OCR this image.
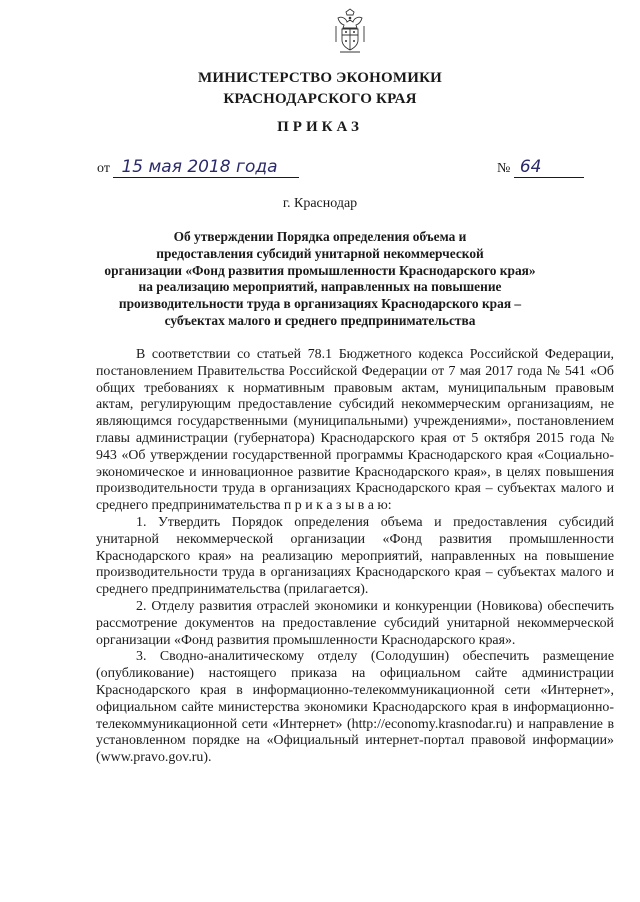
МИНИСТЕРСТВО ЭКОНОМИКИ
КРАСНОДАРСКОГО КРАЯ
ПРИКАЗ
от 15 мая 2018 года	№ 64
г. Краснодар
Об утверждении Порядка определения объема и
предоставления субсидий унитарной некоммерческой
организации «Фонд развития промышленности Краснодарского края»
на реализацию мероприятий, направленных на повышение
производительности труда в организациях Краснодарского края –
субъектах малого и среднего предпринимательства

В соответствии со статьей 78.1 Бюджетного кодекса Российской Федерации, постановлением Правительства Российской Федерации от 7 мая 2017 года № 541 «Об общих требованиях к нормативным правовым актам, муниципальным правовым актам, регулирующим предоставление субсидий некоммерческим организациям, не являющимся государственными (муниципальными) учреждениями», постановлением главы администрации (губернатора) Краснодарского края от 5 октября 2015 года № 943 «Об утверждении государственной программы Краснодарского края «Социально-экономическое и инновационное развитие Краснодарского края», в целях повышения производительности труда в организациях Краснодарского края – субъектах малого и среднего предпринимательства п р и к а з ы в а ю:

1. Утвердить Порядок определения объема и предоставления субсидий унитарной некоммерческой организации «Фонд развития промышленности Краснодарского края» на реализацию мероприятий, направленных на повышение производительности труда в организациях Краснодарского края – субъектах малого и среднего предпринимательства (прилагается).

2. Отделу развития отраслей экономики и конкуренции (Новикова) обеспечить рассмотрение документов на предоставление субсидий унитарной некоммерческой организации «Фонд развития промышленности Краснодарского края».

3. Сводно-аналитическому отделу (Солодушин) обеспечить размещение (опубликование) настоящего приказа на официальном сайте администрации Краснодарского края в информационно-телекоммуникационной сети «Интернет», официальном сайте министерства экономики Краснодарского края в информационно-телекоммуникационной сети «Интернет» (http://economy.krasnodar.ru) и направление в установленном порядке на «Официальный интернет-портал правовой информации» (www.pravo.gov.ru).
